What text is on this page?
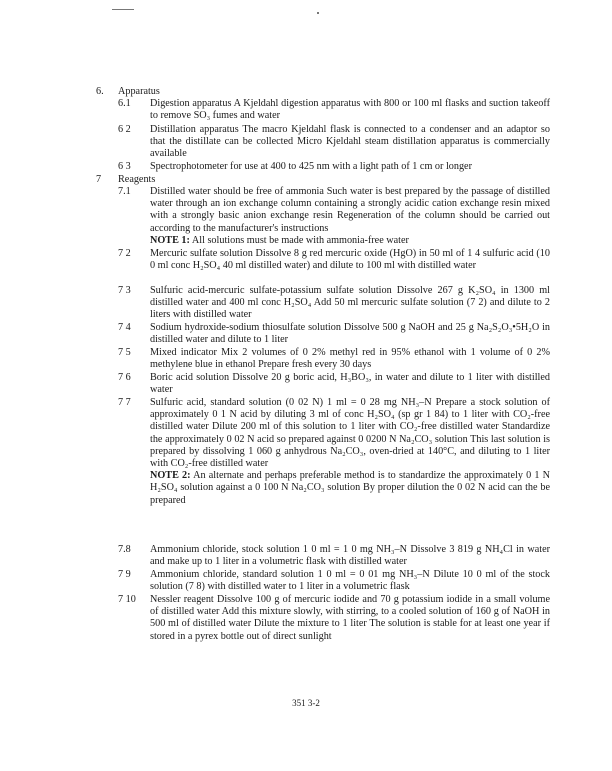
6. Apparatus
6.1 Digestion apparatus A Kjeldahl digestion apparatus with 800 or 100 ml flasks and suction takeoff to remove SO₃ fumes and water
6 2 Distillation apparatus The macro Kjeldahl flask is connected to a condenser and an adaptor so that the distillate can be collected Micro Kjeldahl steam distillation apparatus is commercially available
6 3 Spectrophotometer for use at 400 to 425 nm with a light path of 1 cm or longer
7 Reagents
7.1 Distilled water should be free of ammonia Such water is best prepared by the passage of distilled water through an ion exchange column containing a strongly acidic cation exchange resin mixed with a strongly basic anion exchange resin Regeneration of the column should be carried out according to the manufacturer's instructions
NOTE 1: All solutions must be made with ammonia-free water
7 2 Mercuric sulfate solution Dissolve 8 g red mercuric oxide (HgO) in 50 ml of 1 4 sulfuric acid (10 0 ml conc H₂SO₄ 40 ml distilled water) and dilute to 100 ml with distilled water
7 3 Sulfuric acid-mercuric sulfate-potassium sulfate solution Dissolve 267 g K₂SO₄ in 1300 ml distilled water and 400 ml conc H₂SO₄ Add 50 ml mercuric sulfate solution (7 2) and dilute to 2 liters with distilled water
7 4 Sodium hydroxide-sodium thiosulfate solution Dissolve 500 g NaOH and 25 g Na₂S₂O₃•5H₂O in distilled water and dilute to 1 liter
7 5 Mixed indicator Mix 2 volumes of 0 2% methyl red in 95% ethanol with 1 volume of 0 2% methylene blue in ethanol Prepare fresh every 30 days
7 6 Boric acid solution Dissolve 20 g boric acid, H₃BO₃, in water and dilute to 1 liter with distilled water
7 7 Sulfuric acid, standard solution (0 02 N) 1 ml = 0 28 mg NH₃–N Prepare a stock solution of approximately 0 1 N acid by diluting 3 ml of conc H₂SO₄ (sp gr 1 84) to 1 liter with CO₂-free distilled water Dilute 200 ml of this solution to 1 liter with CO₂-free distilled water Standardize the approximately 0 02 N acid so prepared against 0 0200 N Na₂CO₃ solution This last solution is prepared by dissolving 1 060 g anhydrous Na₂CO₃, oven-dried at 140°C, and diluting to 1 liter with CO₂-free distilled water
NOTE 2: An alternate and perhaps preferable method is to standardize the approximately 0 1 N H₂SO₄ solution against a 0 100 N Na₂CO₃ solution By proper dilution the 0 02 N acid can the be prepared
7.8 Ammonium chloride, stock solution 1 0 ml = 1 0 mg NH₃–N Dissolve 3 819 g NH₄Cl in water and make up to 1 liter in a volumetric flask with distilled water
7 9 Ammonium chloride, standard solution 1 0 ml = 0 01 mg NH₃–N Dilute 10 0 ml of the stock solution (7 8) with distilled water to 1 liter in a volumetric flask
7 10 Nessler reagent Dissolve 100 g of mercuric iodide and 70 g potassium iodide in a small volume of distilled water Add this mixture slowly, with stirring, to a cooled solution of 160 g of NaOH in 500 ml of distilled water Dilute the mixture to 1 liter The solution is stable for at least one year if stored in a pyrex bottle out of direct sunlight
351 3-2
